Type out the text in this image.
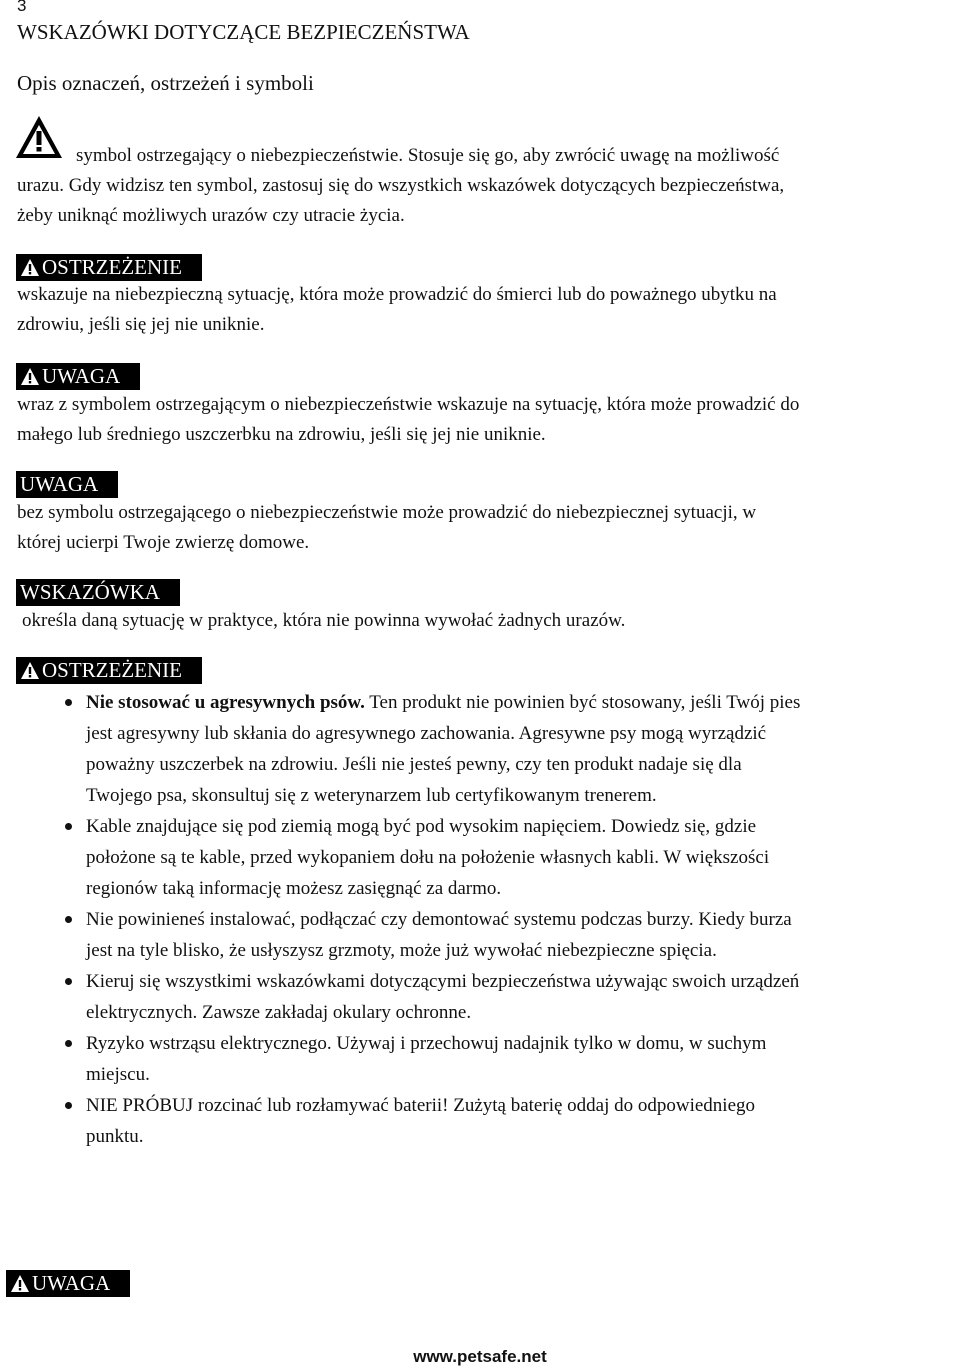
3
WSKAZÓWKI DOTYCZĄCE BEZPIECZEŃSTWA
Opis oznaczeń, ostrzeżeń i symboli
symbol ostrzegający o niebezpieczeństwie. Stosuje się go, aby zwrócić uwagę na możliwość
urazu. Gdy widzisz ten symbol, zastosuj się do wszystkich wskazówek dotyczących bezpieczeństwa,
żeby uniknąć możliwych urazów czy utracie życia.
OSTRZEŻENIE
wskazuje na niebezpieczną sytuację, która może prowadzić do śmierci lub do poważnego ubytku na
zdrowiu, jeśli się jej nie uniknie.
UWAGA
wraz z symbolem ostrzegającym o niebezpieczeństwie wskazuje na sytuację, która może prowadzić do
małego lub średniego uszczerbku na zdrowiu, jeśli się jej nie uniknie.
UWAGA
bez symbolu ostrzegającego o niebezpieczeństwie może prowadzić do niebezpiecznej sytuacji, w
której ucierpi Twoje zwierzę domowe.
WSKAZÓWKA
określa daną sytuację w praktyce, która nie powinna wywołać żadnych urazów.
OSTRZEŻENIE
Nie stosować u agresywnych psów. Ten produkt nie powinien być stosowany, jeśli Twój pies
jest agresywny lub skłania do agresywnego zachowania. Agresywne psy mogą wyrządzić
poważny uszczerbek na zdrowiu. Jeśli nie jesteś pewny, czy ten produkt nadaje się dla
Twojego psa, skonsultuj się z weterynarzem lub certyfikowanym trenerem.
Kable znajdujące się pod ziemią mogą być pod wysokim napięciem. Dowiedz się, gdzie
położone są te kable, przed wykopaniem dołu na położenie własnych kabli. W większości
regionów taką informację możesz zasięgnąć za darmo.
Nie powinieneś instalować, podłączać czy demontować systemu podczas burzy. Kiedy burza
jest na tyle blisko, że usłyszysz grzmoty, może już wywołać niebezpieczne spięcia.
Kieruj się wszystkimi wskazówkami dotyczącymi bezpieczeństwa używając swoich urządzeń
elektrycznych. Zawsze zakładaj okulary ochronne.
Ryzyko wstrząsu elektrycznego. Używaj i przechowuj nadajnik tylko w domu, w suchym
miejscu.
NIE PRÓBUJ rozcinać lub rozłamywać baterii! Zużytą baterię oddaj do odpowiedniego
punktu.
UWAGA
www.petsafe.net
